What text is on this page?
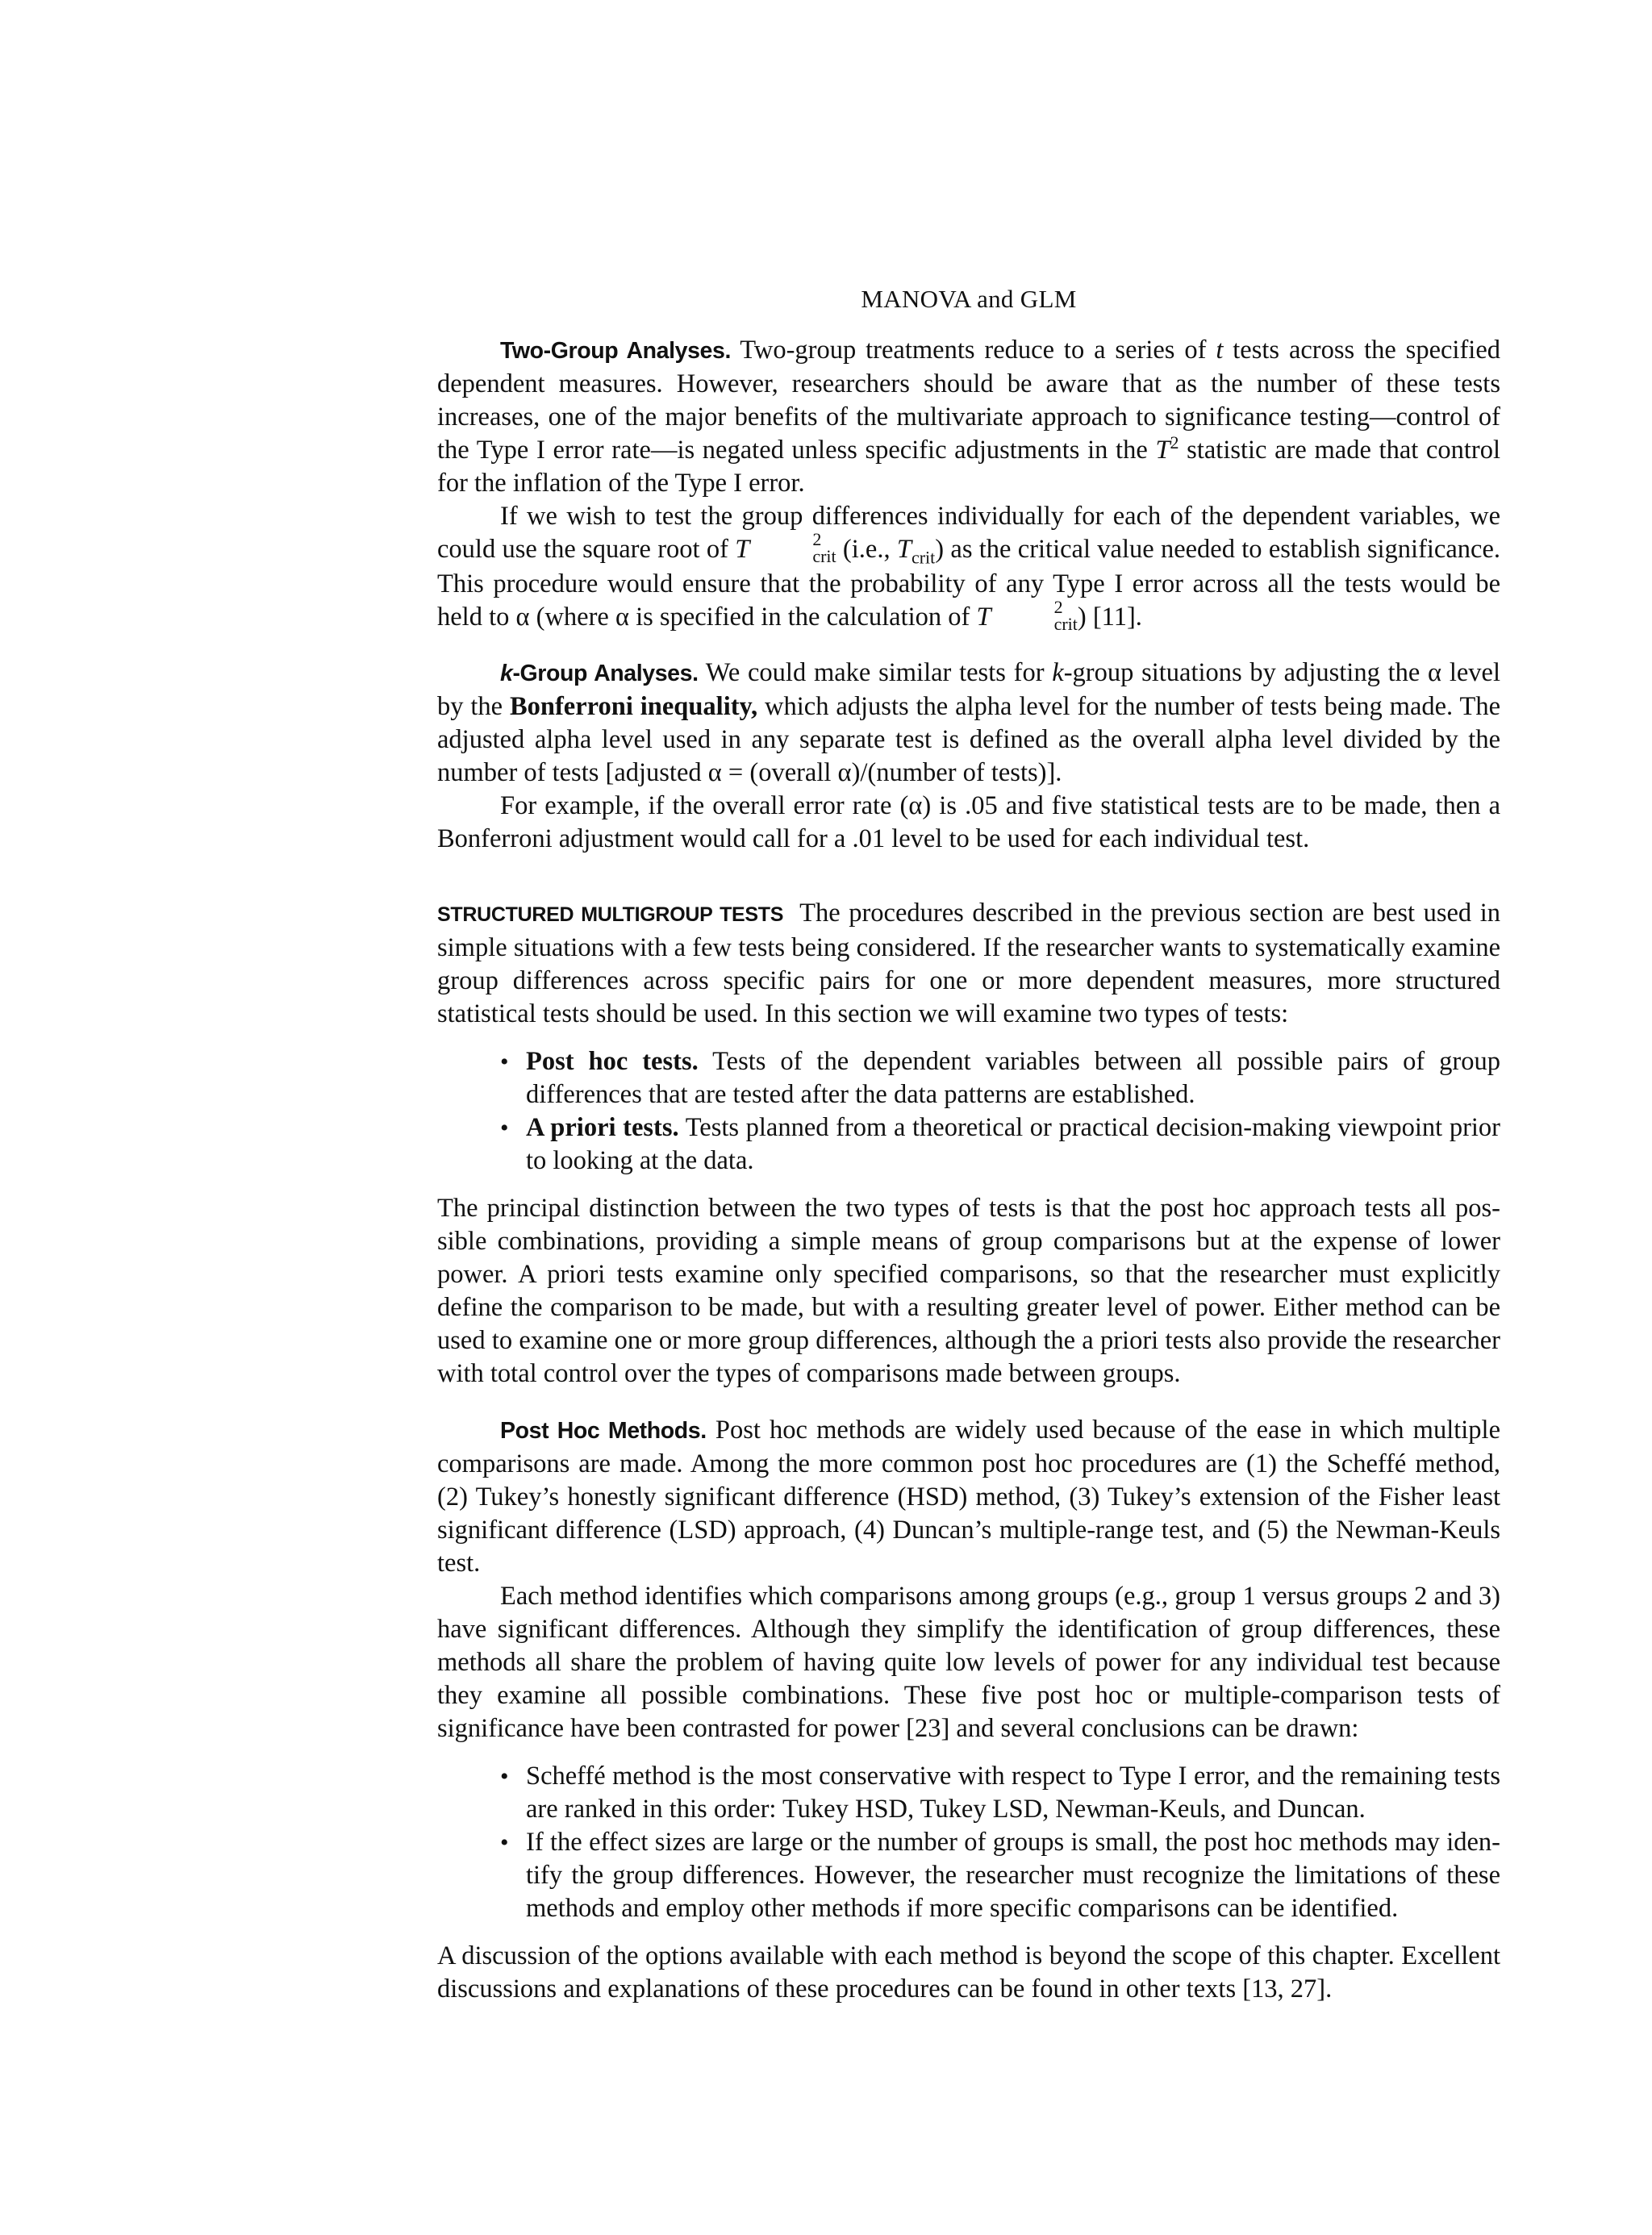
MANOVA and GLM

Two-Group Analyses. Two-group treatments reduce to a series of t tests across the specified dependent measures. However, researchers should be aware that as the number of these tests increases, one of the major benefits of the multivariate approach to significance testing—control of the Type I error rate—is negated unless specific adjustments in the $T^2$ statistic are made that control for the inflation of the Type I error.

If we wish to test the group differences individually for each of the dependent variables, we could use the square root of T	2
crit (i.e., $T_{crit}$) as the critical value needed to establish significance. This procedure would ensure that the probability of any Type I error across all the tests would be held to α (where α is specified in the calculation of T	2
crit ) [11].

k-Group Analyses. We could make similar tests for k-group situations by adjusting the α level by the Bonferroni inequality, which adjusts the alpha level for the number of tests being made. The adjusted alpha level used in any separate test is defined as the overall alpha level divided by the number of tests [adjusted α = (overall α)/(number of tests)].

For example, if the overall error rate (α) is .05 and five statistical tests are to be made, then a Bonferroni adjustment would call for a .01 level to be used for each individual test.

STRUCTURED MULTIGROUP TESTS The procedures described in the previous section are best used in simple situations with a few tests being considered. If the researcher wants to systematically examine group differences across specific pairs for one or more dependent measures, more structured statistical tests should be used. In this section we will examine two types of tests:

• Post hoc tests. Tests of the dependent variables between all possible pairs of group differences that are tested after the data patterns are established.
• A priori tests. Tests planned from a theoretical or practical decision-making viewpoint prior to looking at the data.

The principal distinction between the two types of tests is that the post hoc approach tests all possible combinations, providing a simple means of group comparisons but at the expense of lower power. A priori tests examine only specified comparisons, so that the researcher must explicitly define the comparison to be made, but with a resulting greater level of power. Either method can be used to examine one or more group differences, although the a priori tests also provide the researcher with total control over the types of comparisons made between groups.

Post Hoc Methods. Post hoc methods are widely used because of the ease in which multiple comparisons are made. Among the more common post hoc procedures are (1) the Scheffé method, (2) Tukey’s honestly significant difference (HSD) method, (3) Tukey’s extension of the Fisher least significant difference (LSD) approach, (4) Duncan’s multiple-range test, and (5) the Newman-Keuls test.

Each method identifies which comparisons among groups (e.g., group 1 versus groups 2 and 3) have significant differences. Although they simplify the identification of group differences, these methods all share the problem of having quite low levels of power for any individual test because they examine all possible combinations. These five post hoc or multiple-comparison tests of significance have been contrasted for power [23] and several conclusions can be drawn:

• Scheffé method is the most conservative with respect to Type I error, and the remaining tests are ranked in this order: Tukey HSD, Tukey LSD, Newman-Keuls, and Duncan.
• If the effect sizes are large or the number of groups is small, the post hoc methods may identify the group differences. However, the researcher must recognize the limitations of these methods and employ other methods if more specific comparisons can be identified.

A discussion of the options available with each method is beyond the scope of this chapter. Excellent discussions and explanations of these procedures can be found in other texts [13, 27].
